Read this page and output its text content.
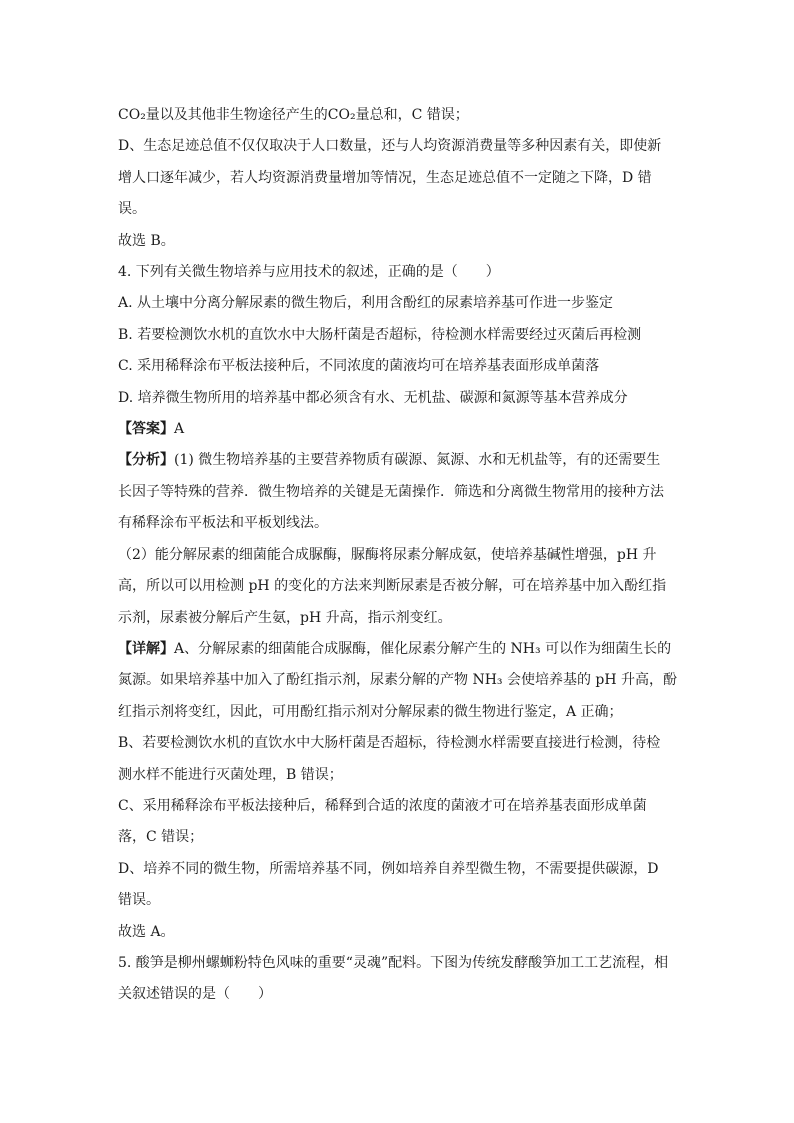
CO₂量以及其他非生物途径产生的CO₂量总和，C 错误；
D、生态足迹总值不仅仅取决于人口数量，还与人均资源消费量等多种因素有关，即使新
增人口逐年减少，若人均资源消费量增加等情况，生态足迹总值不一定随之下降，D 错
误。
故选 B。
4. 下列有关微生物培养与应用技术的叙述，正确的是（　　）
A. 从土壤中分离分解尿素的微生物后，利用含酚红的尿素培养基可作进一步鉴定
B. 若要检测饮水机的直饮水中大肠杆菌是否超标，待检测水样需要经过灭菌后再检测
C. 采用稀释涂布平板法接种后，不同浓度的菌液均可在培养基表面形成单菌落
D. 培养微生物所用的培养基中都必须含有水、无机盐、碳源和氮源等基本营养成分
【答案】A
【分析】(1) 微生物培养基的主要营养物质有碳源、氮源、水和无机盐等，有的还需要生
长因子等特殊的营养．微生物培养的关键是无菌操作．筛选和分离微生物常用的接种方法
有稀释涂布平板法和平板划线法。
（2）能分解尿素的细菌能合成脲酶，脲酶将尿素分解成氨，使培养基碱性增强，pH 升
高，所以可以用检测 pH 的变化的方法来判断尿素是否被分解，可在培养基中加入酚红指
示剂，尿素被分解后产生氨，pH 升高，指示剂变红。
【详解】A、分解尿素的细菌能合成脲酶，催化尿素分解产生的 NH₃ 可以作为细菌生长的
氮源。如果培养基中加入了酚红指示剂，尿素分解的产物 NH₃ 会使培养基的 pH 升高，酚
红指示剂将变红，因此，可用酚红指示剂对分解尿素的微生物进行鉴定，A 正确；
B、若要检测饮水机的直饮水中大肠杆菌是否超标，待检测水样需要直接进行检测，待检
测水样不能进行灭菌处理，B 错误；
C、采用稀释涂布平板法接种后，稀释到合适的浓度的菌液才可在培养基表面形成单菌
落，C 错误；
D、培养不同的微生物，所需培养基不同，例如培养自养型微生物，不需要提供碳源，D
错误。
故选 A。
5. 酸笋是柳州螺蛳粉特色风味的重要“灵魂”配料。下图为传统发酵酸笋加工工艺流程，相
关叙述错误的是（　　）
